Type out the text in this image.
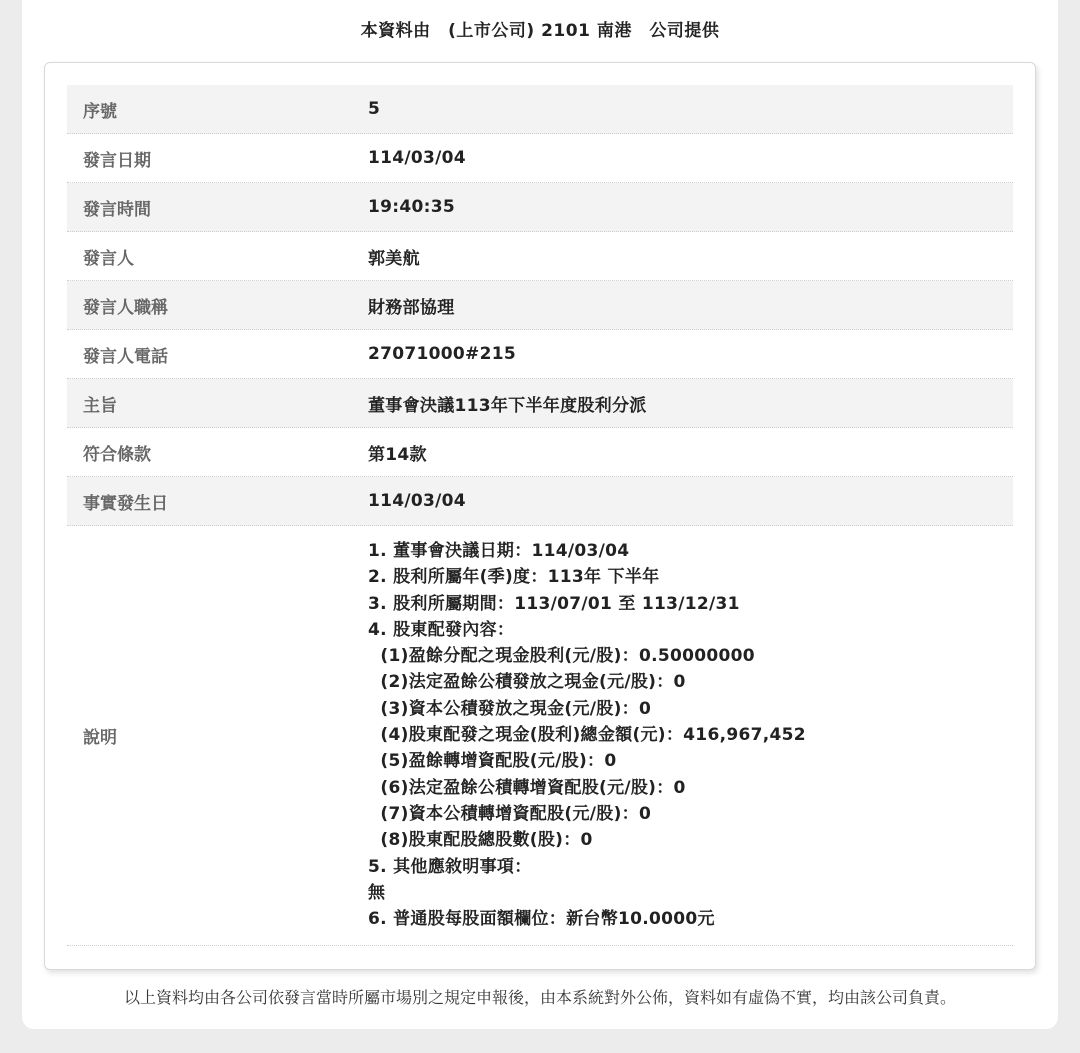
本資料由　(上市公司) 2101 南港　公司提供
序號	5
發言日期	114/03/04
發言時間	19:40:35
發言人	郭美航
發言人職稱	財務部協理
發言人電話	27071000#215
主旨	董事會決議113年下半年度股利分派
符合條款	第14款
事實發生日	114/03/04
說明
1. 董事會決議日期：114/03/04
2. 股利所屬年(季)度：113年 下半年
3. 股利所屬期間：113/07/01 至 113/12/31
4. 股東配發內容：
(1)盈餘分配之現金股利(元/股)：0.50000000
(2)法定盈餘公積發放之現金(元/股)：0
(3)資本公積發放之現金(元/股)：0
(4)股東配發之現金(股利)總金額(元)：416,967,452
(5)盈餘轉增資配股(元/股)：0
(6)法定盈餘公積轉增資配股(元/股)：0
(7)資本公積轉增資配股(元/股)：0
(8)股東配股總股數(股)：0
5. 其他應敘明事項：
無
6. 普通股每股面額欄位：新台幣10.0000元
以上資料均由各公司依發言當時所屬市場別之規定申報後，由本系統對外公佈，資料如有虛偽不實，均由該公司負責。
